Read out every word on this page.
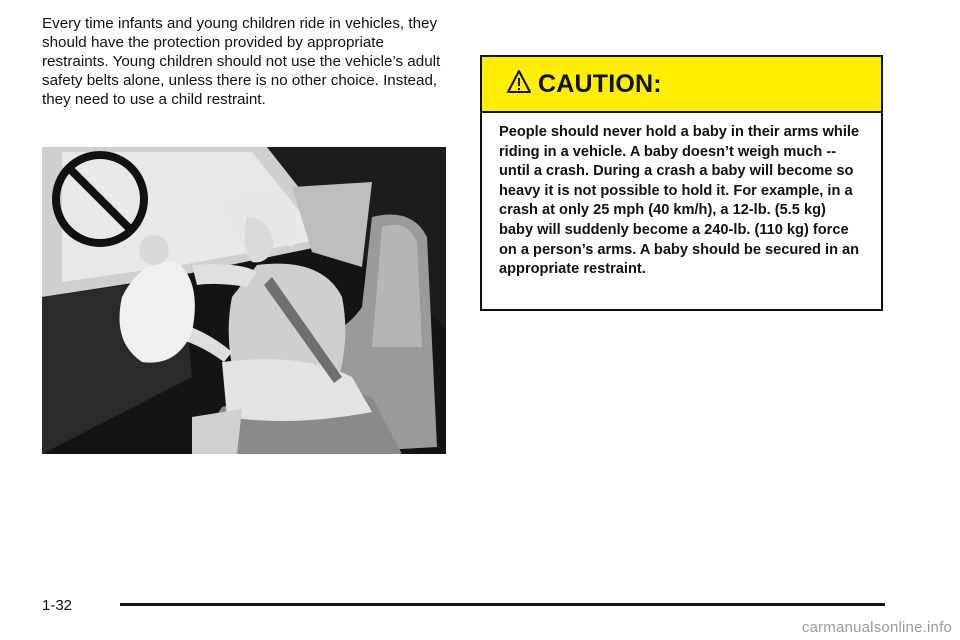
Every time infants and young children ride in vehicles, they should have the protection provided by appropriate restraints. Young children should not use the vehicle’s adult safety belts alone, unless there is no other choice. Instead, they need to use a child restraint.

CAUTION:

People should never hold a baby in their arms while riding in a vehicle. A baby doesn’t weigh much -- until a crash. During a crash a baby will become so heavy it is not possible to hold it. For example, in a crash at only 25 mph (40 km/h), a 12-lb. (5.5 kg) baby will suddenly become a 240-lb. (110 kg) force on a person’s arms. A baby should be secured in an appropriate restraint.

1-32
carmanualsonline.info
